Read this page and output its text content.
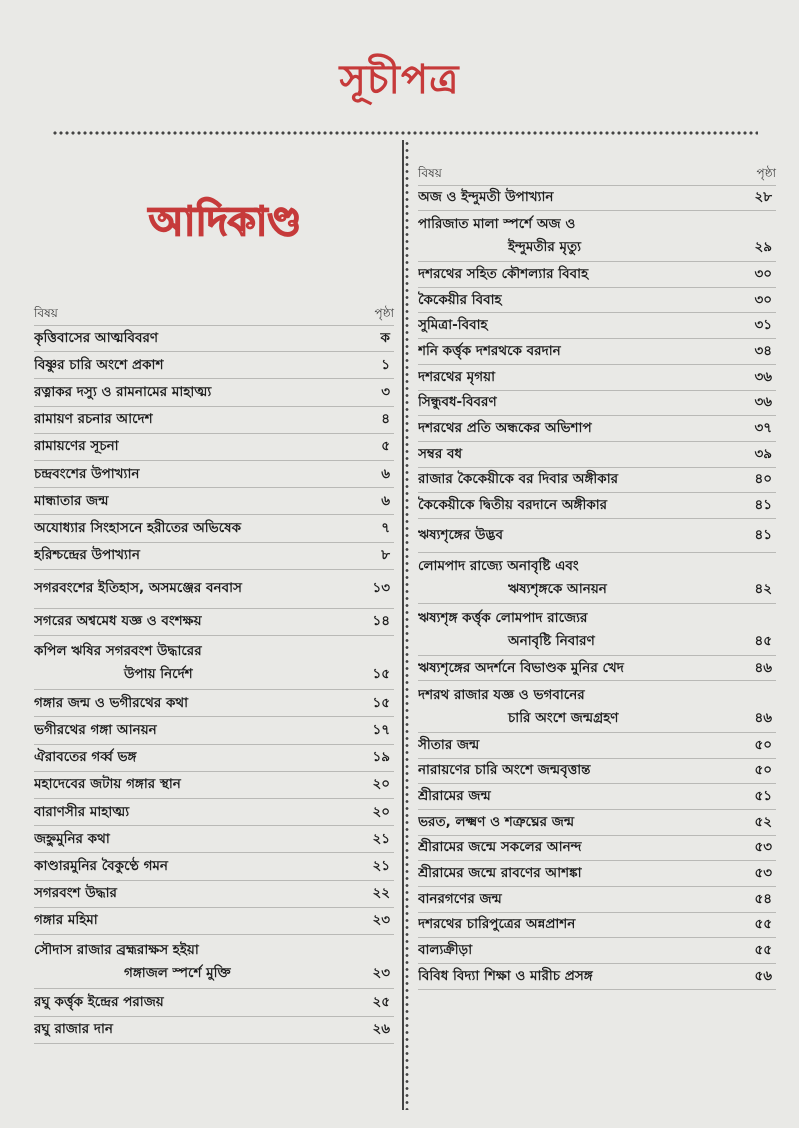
সূচীপত্র
আদিকাণ্ড
বিষয়	পৃষ্ঠা
কৃত্তিবাসের আত্মবিবরণ	ক
বিষ্ণুর চারি অংশে প্রকাশ	১
রত্নাকর দস্যু ও রামনামের মাহাত্ম্য	৩
রামায়ণ রচনার আদেশ	৪
রামায়ণের সূচনা	৫
চন্দ্রবংশের উপাখ্যান	৬
মান্ধাতার জন্ম	৬
অযোধ্যার সিংহাসনে হরীতের অভিষেক	৭
হরিশ্চন্দ্রের উপাখ্যান	৮
সগরবংশের ইতিহাস, অসমঞ্জের বনবাস	১৩
সগরের অশ্বমেধ যজ্ঞ ও বংশক্ষয়	১৪
কপিল ঋষির সগরবংশ উদ্ধারের
উপায় নির্দেশ	১৫
গঙ্গার জন্ম ও ভগীরথের কথা	১৫
ভগীরথের গঙ্গা আনয়ন	১৭
ঐরাবতের গর্ব্ব ভঙ্গ	১৯
মহাদেবের জটায় গঙ্গার স্থান	২০
বারাণসীর মাহাত্ম্য	২০
জহ্নুমুনির কথা	২১
কাণ্ডারমুনির বৈকুণ্ঠে গমন	২১
সগরবংশ উদ্ধার	২২
গঙ্গার মহিমা	২৩
সৌদাস রাজার ব্রহ্মরাক্ষস হইয়া
গঙ্গাজল স্পর্শে মুক্তি	২৩
রঘু কর্ত্তৃক ইন্দ্রের পরাজয়	২৫
রঘু রাজার দান	২৬
বিষয়	পৃষ্ঠা
অজ ও ইন্দুমতী উপাখ্যান	২৮
পারিজাত মালা স্পর্শে অজ ও
ইন্দুমতীর মৃত্যু	২৯
দশরথের সহিত কৌশল্যার বিবাহ	৩০
কৈকেয়ীর বিবাহ	৩০
সুমিত্রা-বিবাহ	৩১
শনি কর্ত্তৃক দশরথকে বরদান	৩৪
দশরথের মৃগয়া	৩৬
সিন্ধুবধ-বিবরণ	৩৬
দশরথের প্রতি অন্ধকের অভিশাপ	৩৭
সম্বর বধ	৩৯
রাজার কৈকেয়ীকে বর দিবার অঙ্গীকার	৪০
কৈকেয়ীকে দ্বিতীয় বরদানে অঙ্গীকার	৪১
ঋষ্যশৃঙ্গের উদ্ভব	৪১
লোমপাদ রাজ্যে অনাবৃষ্টি এবং
ঋষ্যশৃঙ্গকে আনয়ন	৪২
ঋষ্যশৃঙ্গ কর্ত্তৃক লোমপাদ রাজ্যের
অনাবৃষ্টি নিবারণ	৪৫
ঋষ্যশৃঙ্গের অদর্শনে বিভাণ্ডক মুনির খেদ	৪৬
দশরথ রাজার যজ্ঞ ও ভগবানের
চারি অংশে জন্মগ্রহণ	৪৬
সীতার জন্ম	৫০
নারায়ণের চারি অংশে জন্মবৃত্তান্ত	৫০
শ্রীরামের জন্ম	৫১
ভরত, লক্ষ্মণ ও শত্রুঘ্নের জন্ম	৫২
শ্রীরামের জন্মে সকলের আনন্দ	৫৩
শ্রীরামের জন্মে রাবণের আশঙ্কা	৫৩
বানরগণের জন্ম	৫৪
দশরথের চারিপুত্রের অন্নপ্রাশন	৫৫
বাল্যক্রীড়া	৫৫
বিবিধ বিদ্যা শিক্ষা ও মারীচ প্রসঙ্গ	৫৬
